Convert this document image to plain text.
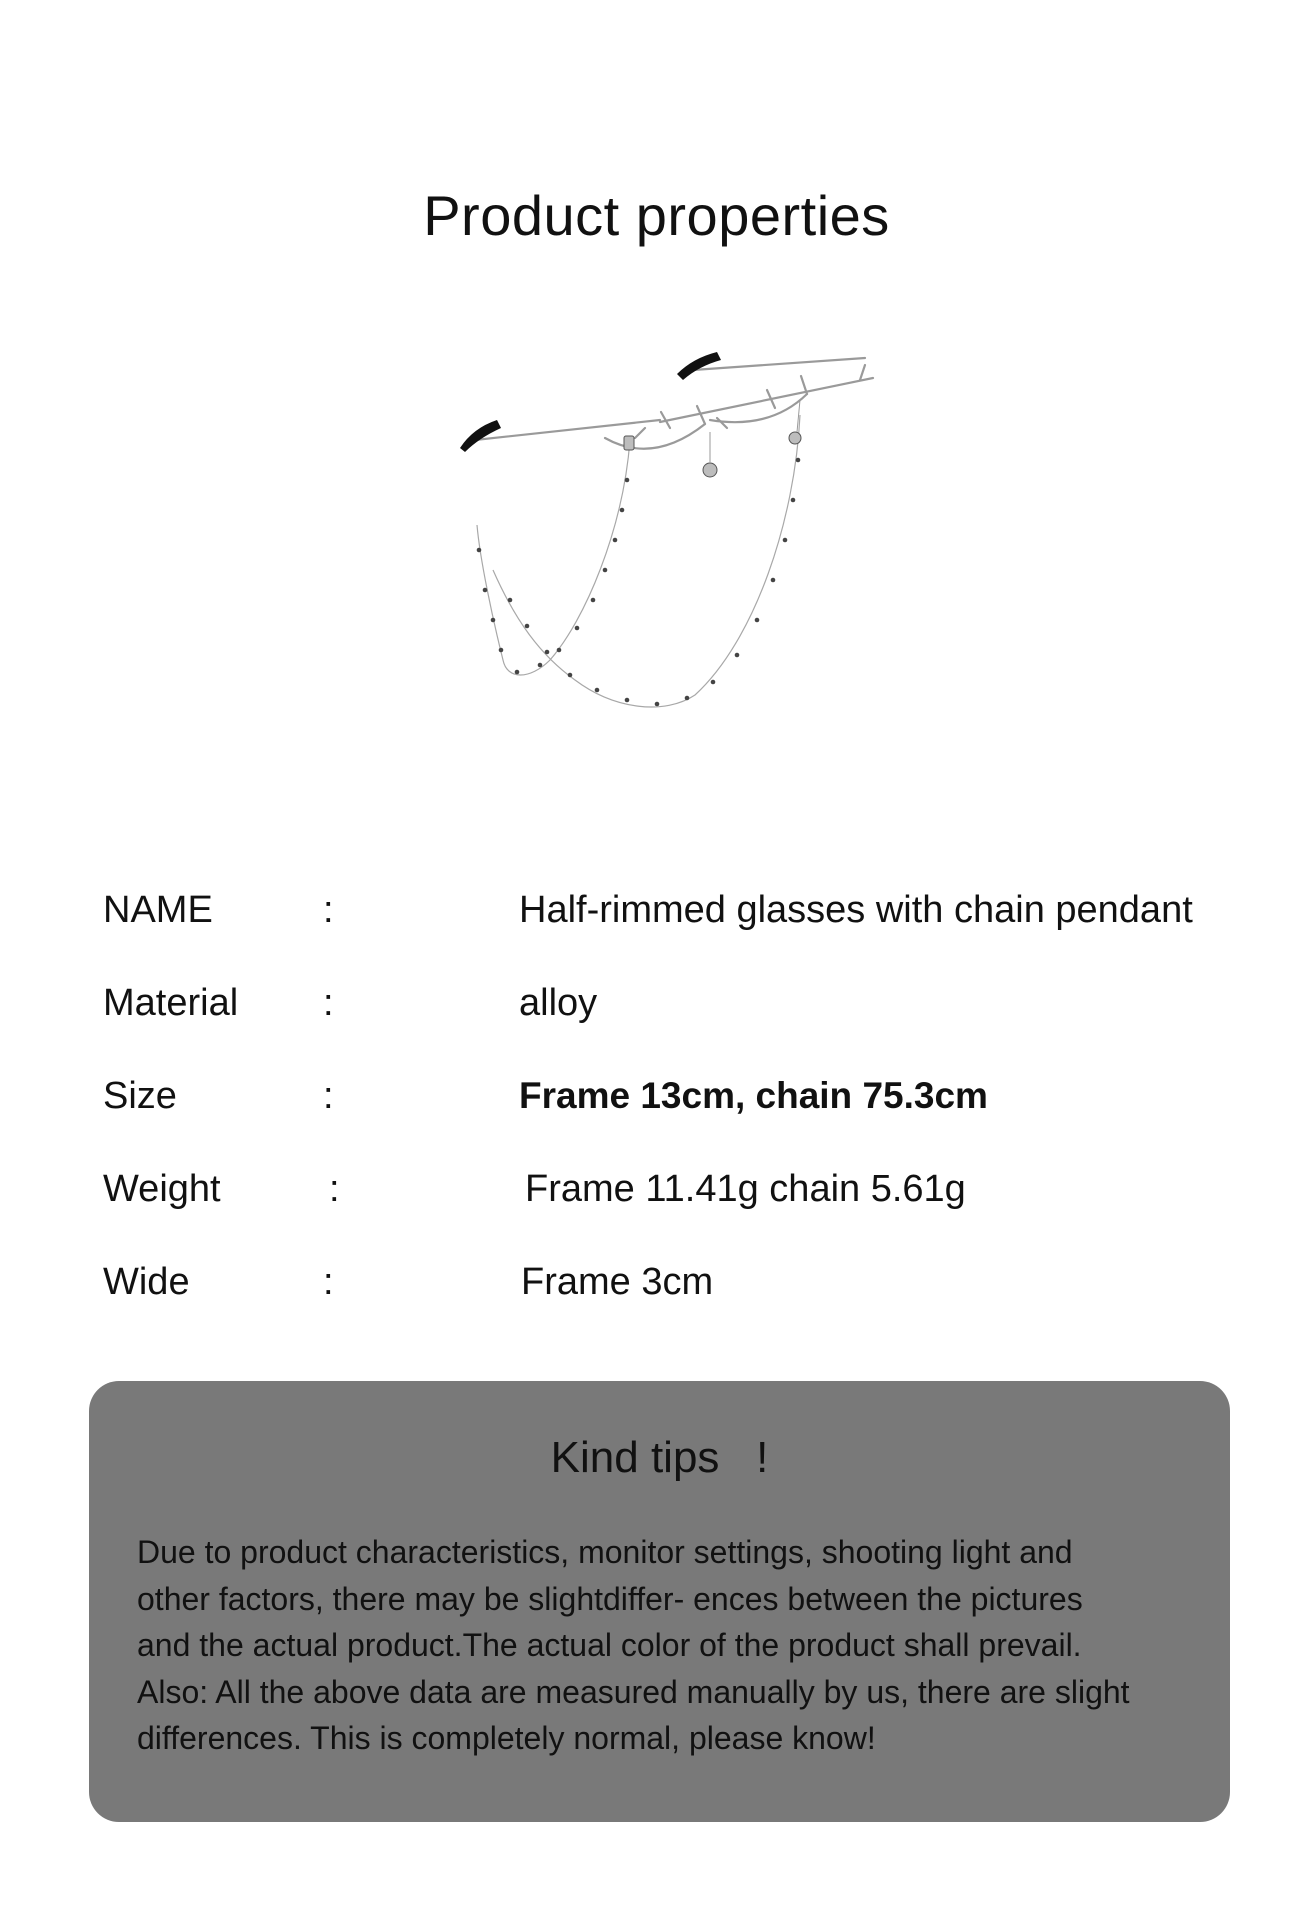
Product properties
NAME	:	Half-rimmed glasses with chain pendant
Material :	alloy
Size	:	Frame 13cm, chain 75.3cm
Weight	:	Frame 11.41g chain 5.61g
Wide	:	Frame 3cm
Kind tips   !
Due to product characteristics, monitor settings, shooting light and
other factors, there may be slightdiffer- ences between the pictures
and the actual product.The actual color of the product shall prevail.
Also: All the above data are measured manually by us, there are slight
differences. This is completely normal, please know!
